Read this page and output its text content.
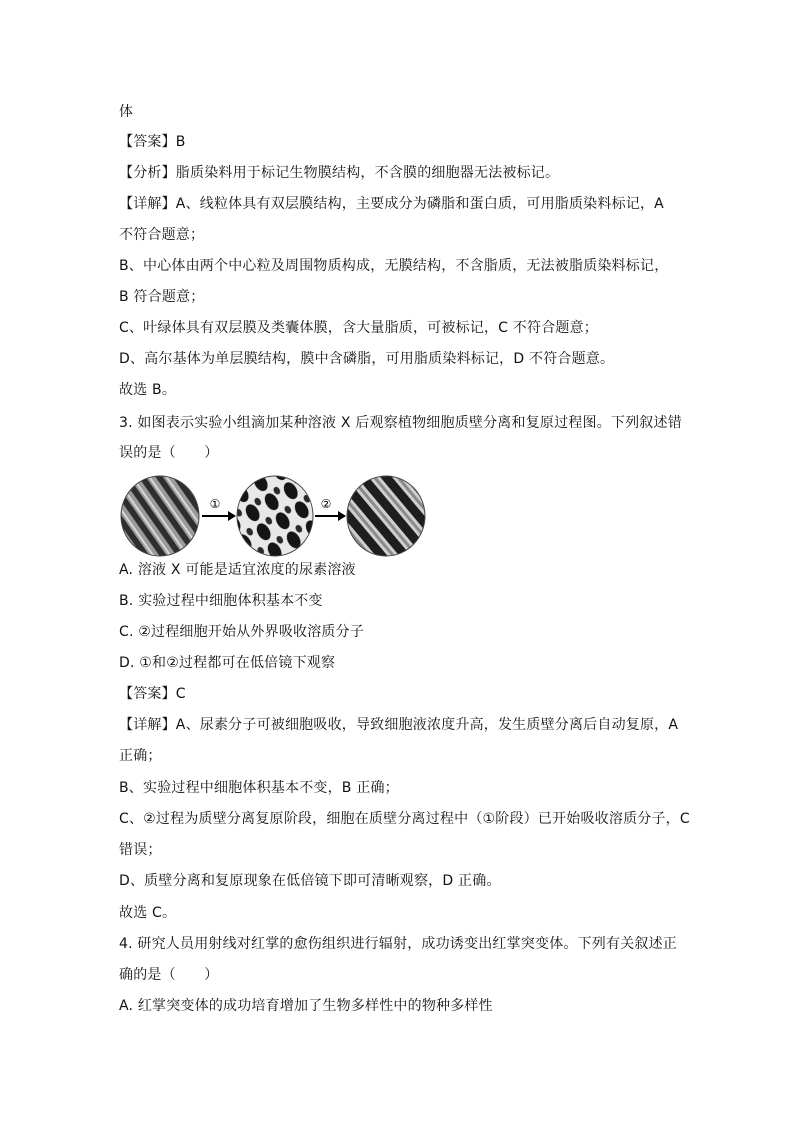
体
【答案】B
【分析】脂质染料用于标记生物膜结构，不含膜的细胞器无法被标记。
【详解】A、线粒体具有双层膜结构，主要成分为磷脂和蛋白质，可用脂质染料标记，A
不符合题意；
B、中心体由两个中心粒及周围物质构成，无膜结构，不含脂质，无法被脂质染料标记，
B 符合题意；
C、叶绿体具有双层膜及类囊体膜，含大量脂质，可被标记，C 不符合题意；
D、高尔基体为单层膜结构，膜中含磷脂，可用脂质染料标记，D 不符合题意。
故选 B。
3. 如图表示实验小组滴加某种溶液 X 后观察植物细胞质壁分离和复原过程图。下列叙述错
误的是（　　）
①	②
A. 溶液 X 可能是适宜浓度的尿素溶液
B. 实验过程中细胞体积基本不变
C. ②过程细胞开始从外界吸收溶质分子
D. ①和②过程都可在低倍镜下观察
【答案】C
【详解】A、尿素分子可被细胞吸收，导致细胞液浓度升高，发生质壁分离后自动复原，A
正确；
B、实验过程中细胞体积基本不变，B 正确；
C、②过程为质壁分离复原阶段，细胞在质壁分离过程中（①阶段）已开始吸收溶质分子，C
错误；
D、质壁分离和复原现象在低倍镜下即可清晰观察，D 正确。
故选 C。
4. 研究人员用射线对红掌的愈伤组织进行辐射，成功诱变出红掌突变体。下列有关叙述正
确的是（　　）
A. 红掌突变体的成功培育增加了生物多样性中的物种多样性
